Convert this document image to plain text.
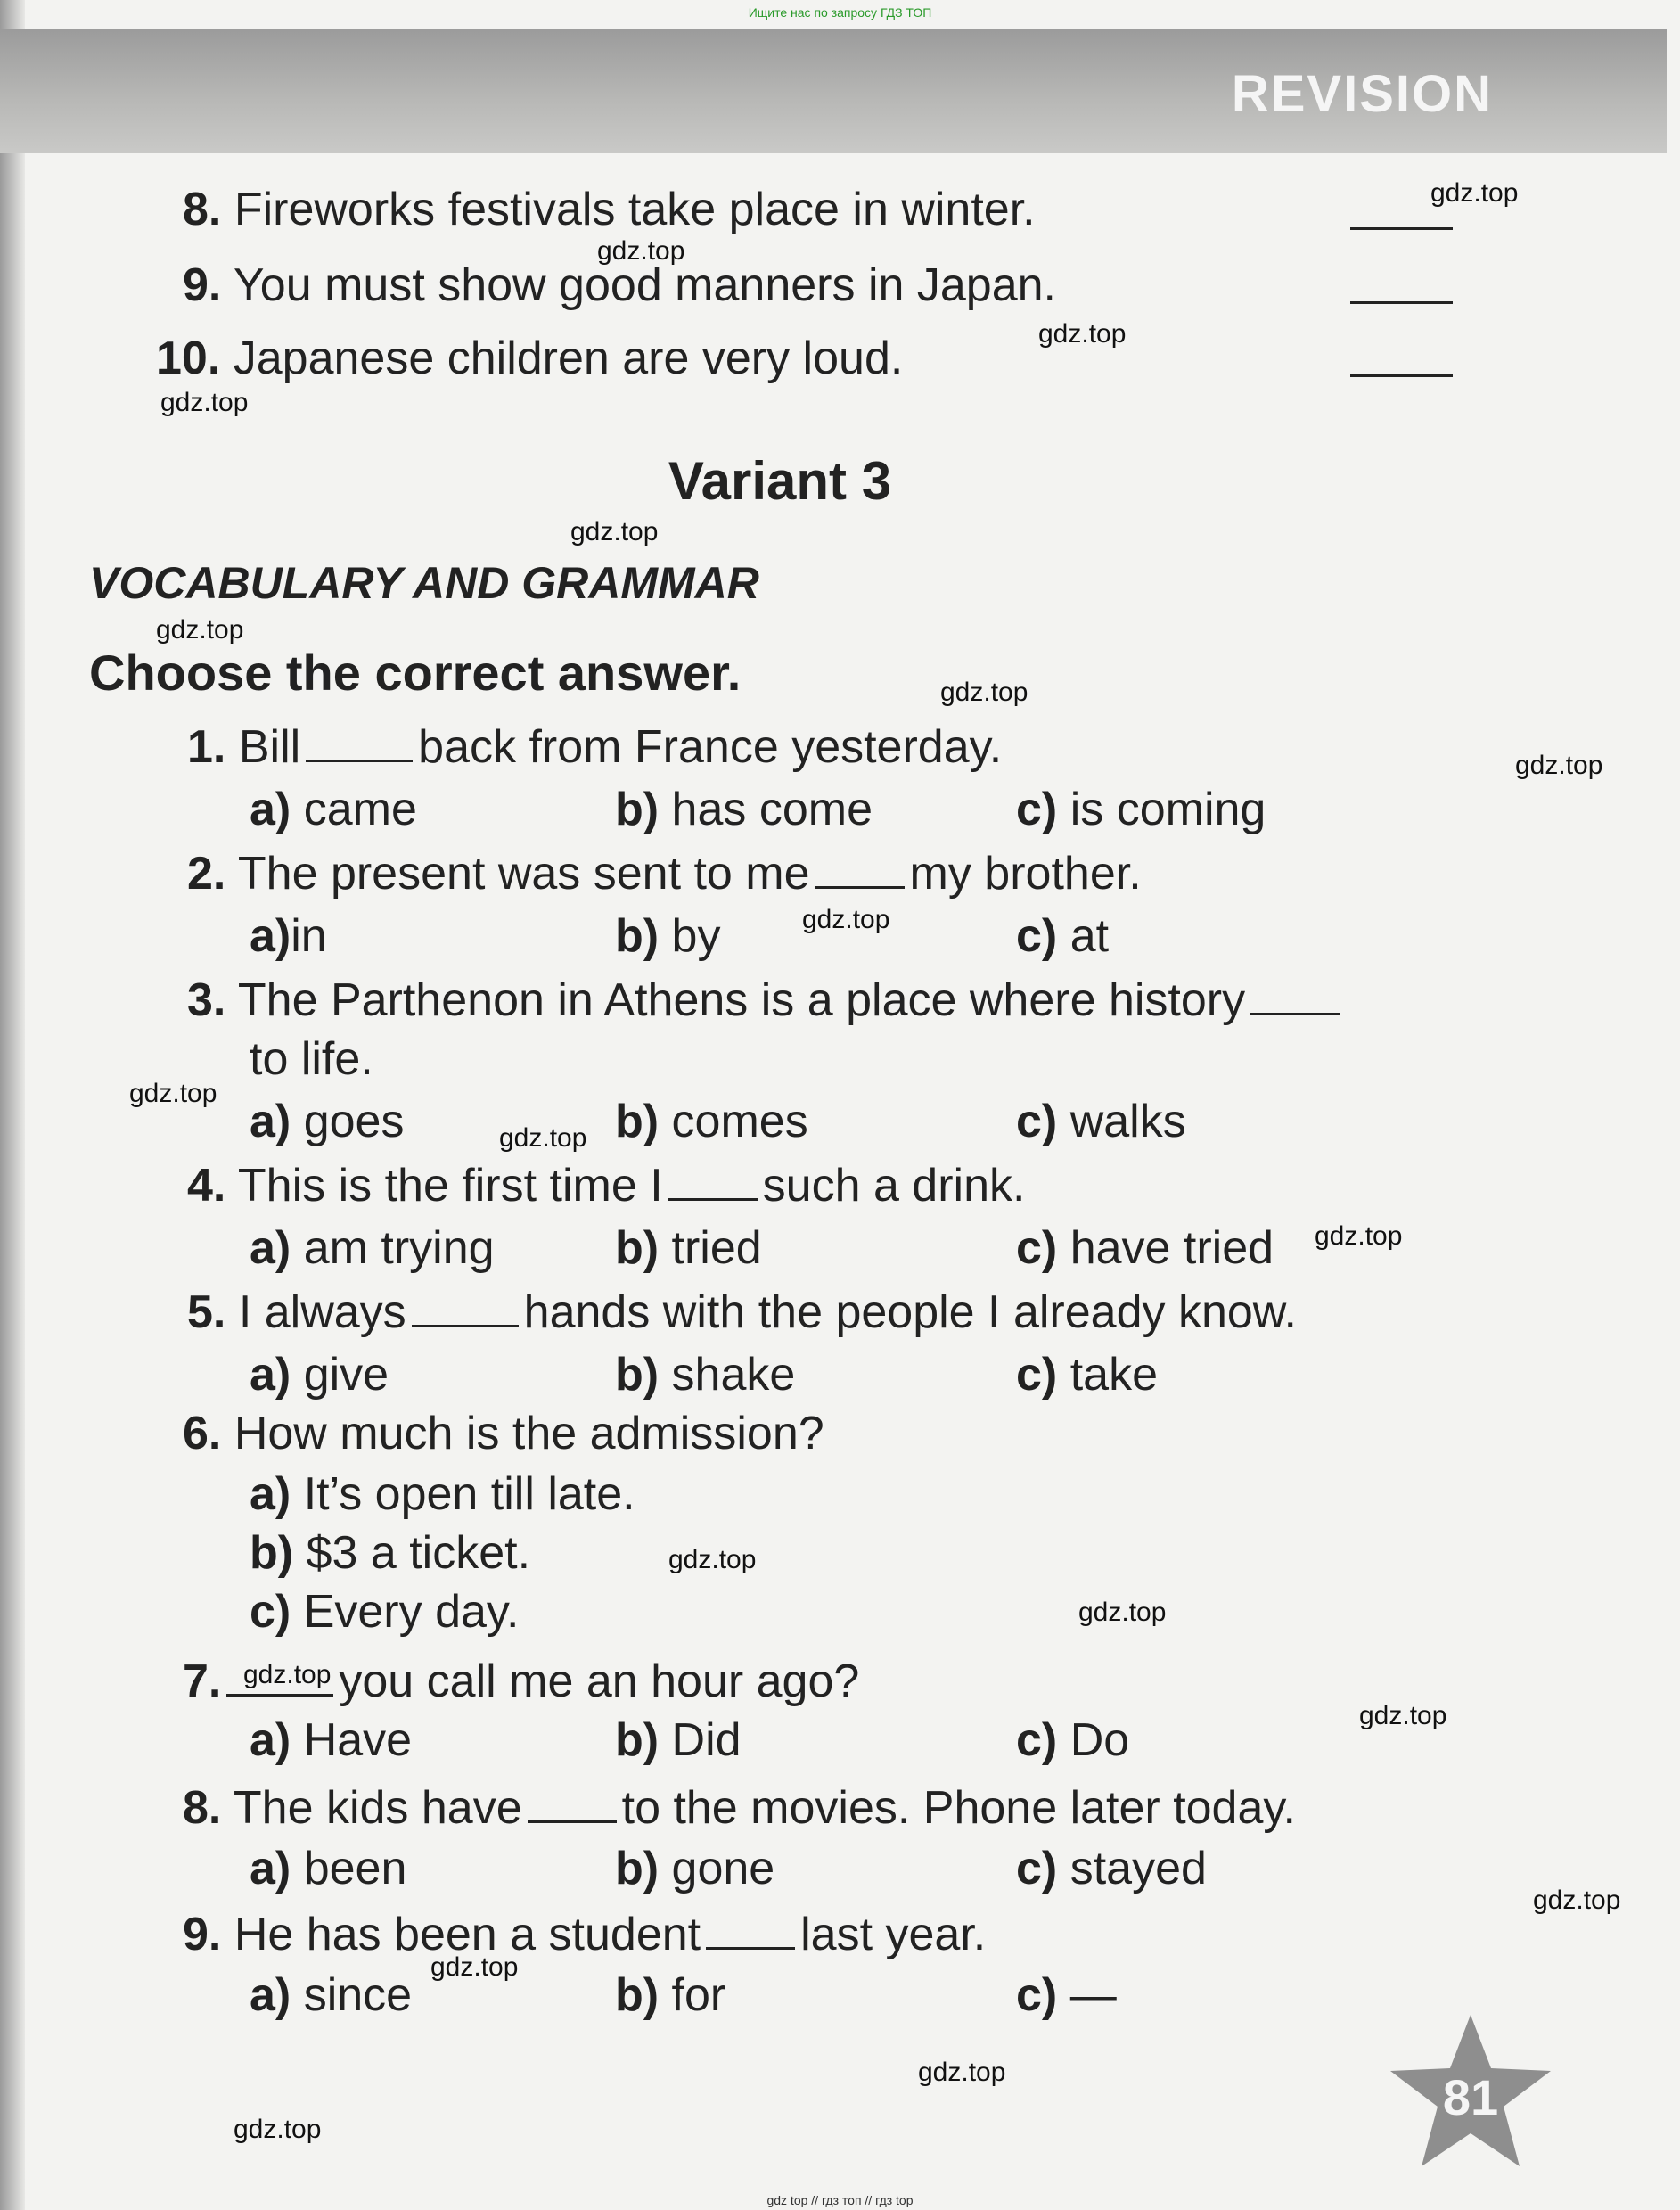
REVISION
8. Fireworks festivals take place in winter.
9. You must show good manners in Japan.
10. Japanese children are very loud.
Variant 3
VOCABULARY AND GRAMMAR
Choose the correct answer.
1. Bill	back from France yesterday.
a) came	b) has come	c) is coming
2. The present was sent to me my brother.
a)in	b) by	c) at
3. The Parthenon in Athens is a place where history
to life.
a) goes	b) comes	c) walks
4. This is the first time I such a drink.
a) am trying	b) tried	c) have tried
5. I always	hands with the people I already know.
a) give	b) shake	c) take
6. How much is the admission?
a) It’s open till late.
b) $3 a ticket.
c) Every day.
7.	you call me an hour ago?
a) Have	b) Did	c) Do
8. The kids have to the movies. Phone later today.
a) been	b) gone	c) stayed
9. He has been a student last year.
a) since	b) for	c) —
81
gdz.top
gdz.top
gdz.top
gdz.top
gdz.top
gdz.top
gdz.top
gdz.top
gdz.top
gdz.top
gdz.top
gdz.top
gdz.top
gdz.top
gdz.top
gdz.top
gdz.top
gdz.top
gdz.top
gdz.top
Ищите нас по запросу ГДЗ ТОП
gdz top // гдз топ // гдз top
